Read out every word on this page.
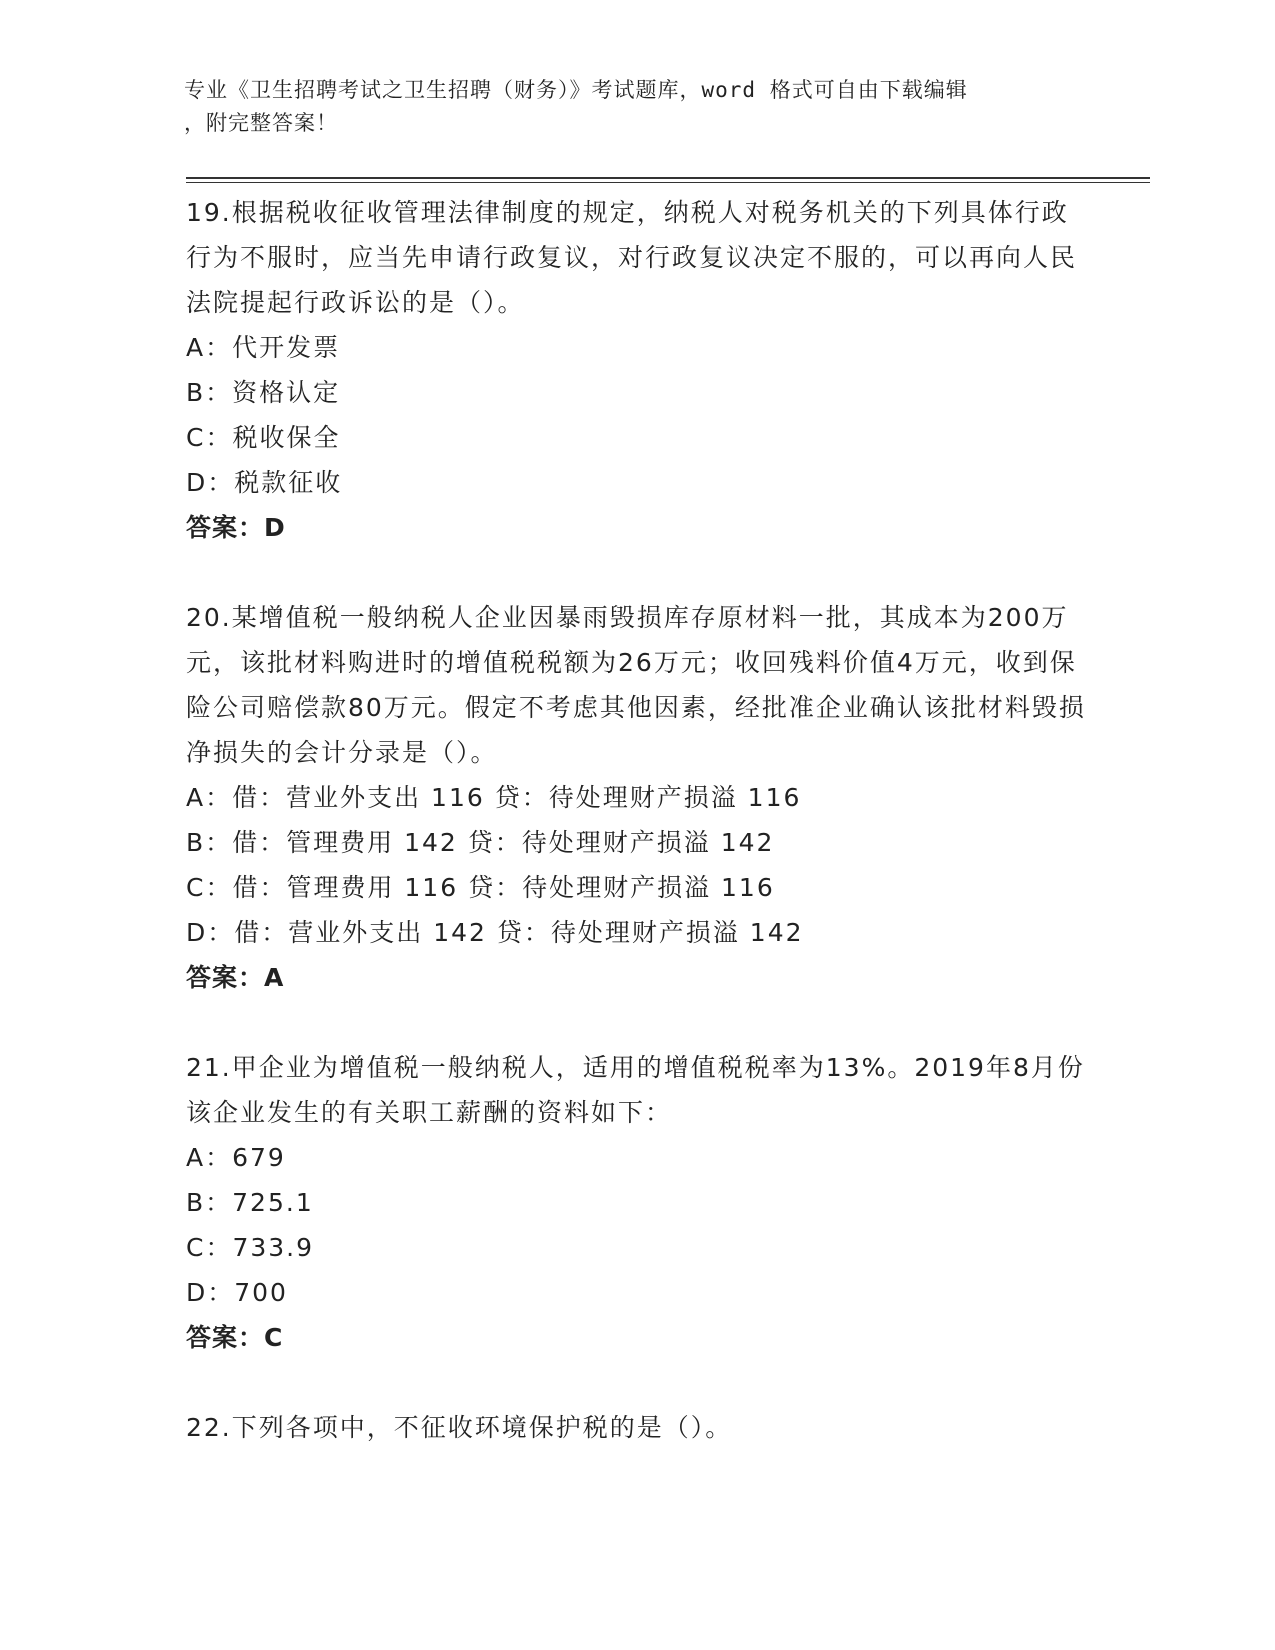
专业《卫生招聘考试之卫生招聘（财务）》考试题库，word 格式可自由下载编辑
，附完整答案！

19.根据税收征收管理法律制度的规定，纳税人对税务机关的下列具体行政行为不服时，应当先申请行政复议，对行政复议决定不服的，可以再向人民法院提起行政诉讼的是（）。

A：代开发票

B：资格认定

C：税收保全

D：税款征收

答案：D

20.某增值税一般纳税人企业因暴雨毁损库存原材料一批，其成本为200万元，该批材料购进时的增值税税额为26万元；收回残料价值4万元，收到保险公司赔偿款80万元。假定不考虑其他因素，经批准企业确认该批材料毁损净损失的会计分录是（）。

A：借：营业外支出 116 贷：待处理财产损溢 116

B：借：管理费用 142 贷：待处理财产损溢 142

C：借：管理费用 116 贷：待处理财产损溢 116

D：借：营业外支出 142 贷：待处理财产损溢 142

答案：A

21.甲企业为增值税一般纳税人，适用的增值税税率为13%。2019年8月份该企业发生的有关职工薪酬的资料如下：

A：679

B：725.1

C：733.9

D：700

答案：C

22.下列各项中，不征收环境保护税的是（）。
